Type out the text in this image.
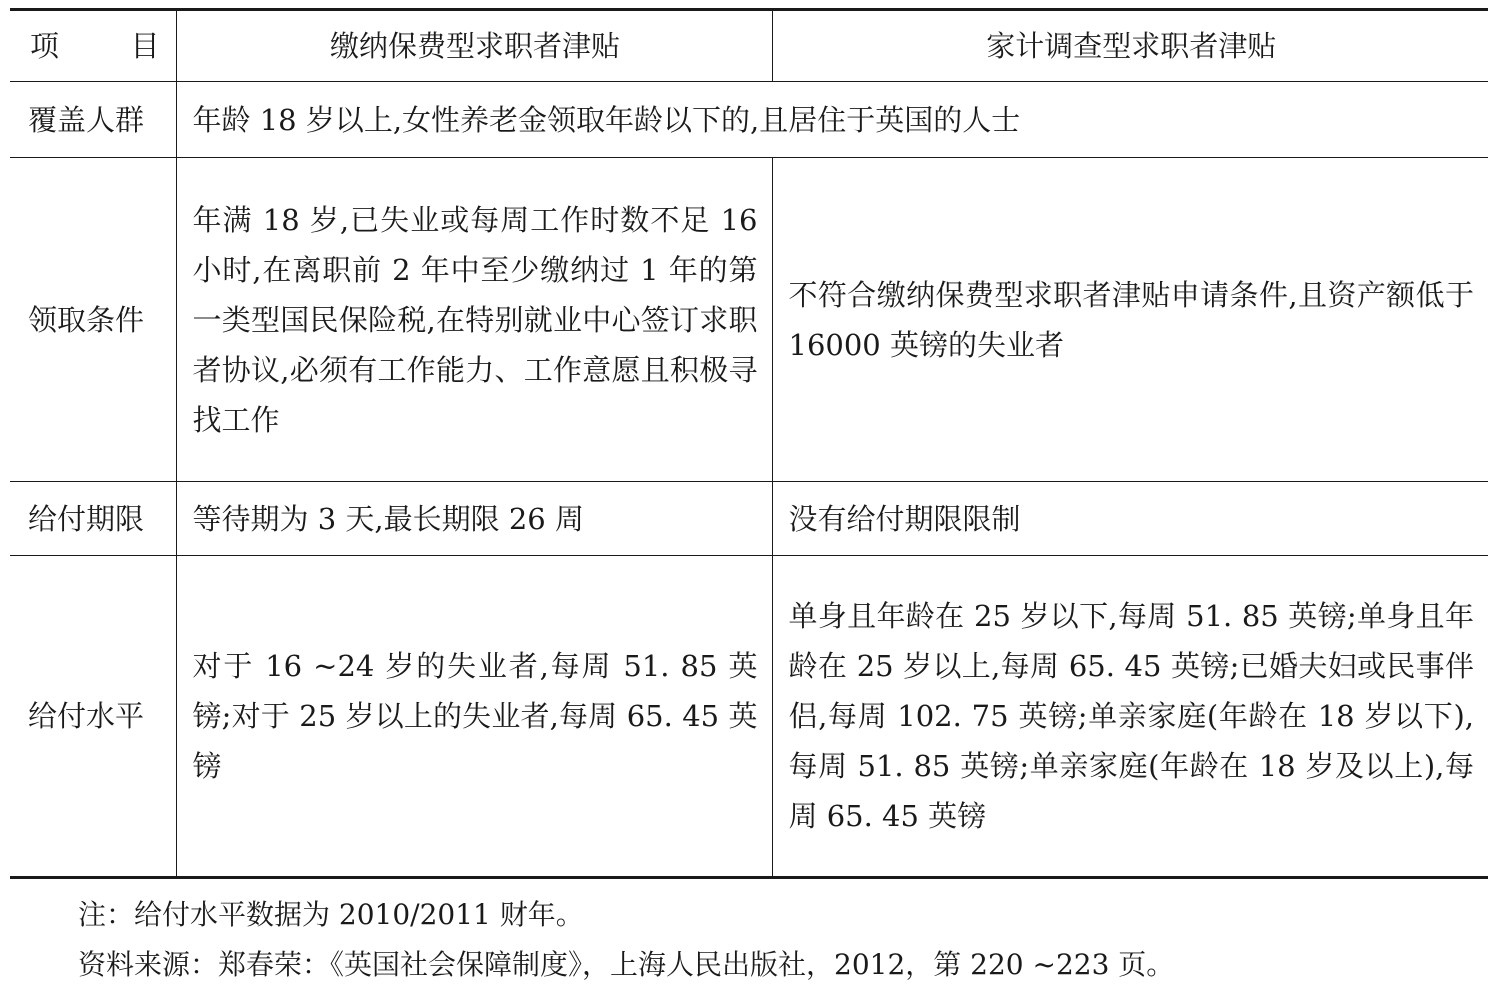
项　　目	缴纳保费型求职者津贴	家计调查型求职者津贴
覆盖人群	年龄 18 岁以上,女性养老金领取年龄以下的,且居住于英国的人士	
领取条件	年满 18 岁,已失业或每周工作时数不足 16 小时,在离职前 2 年中至少缴纳过 1 年的第一类型国民保险税,在特别就业中心签订求职者协议,必须有工作能力、工作意愿且积极寻找工作	不符合缴纳保费型求职者津贴申请条件,且资产额低于 16000 英镑的失业者
给付期限	等待期为 3 天,最长期限 26 周	没有给付期限限制
给付水平	对于 16 ~24 岁的失业者,每周 51. 85 英镑;对于 25 岁以上的失业者,每周 65. 45 英镑	单身且年龄在 25 岁以下,每周 51. 85 英镑;单身且年龄在 25 岁以上,每周 65. 45 英镑;已婚夫妇或民事伴侣,每周 102. 75 英镑;单亲家庭(年龄在 18 岁以下),每周 51. 85 英镑;单亲家庭(年龄在 18 岁及以上),每周 65. 45 英镑
注：给付水平数据为 2010/2011 财年。
资料来源：郑春荣：《英国社会保障制度》，上海人民出版社，2012，第 220 ~223 页。
